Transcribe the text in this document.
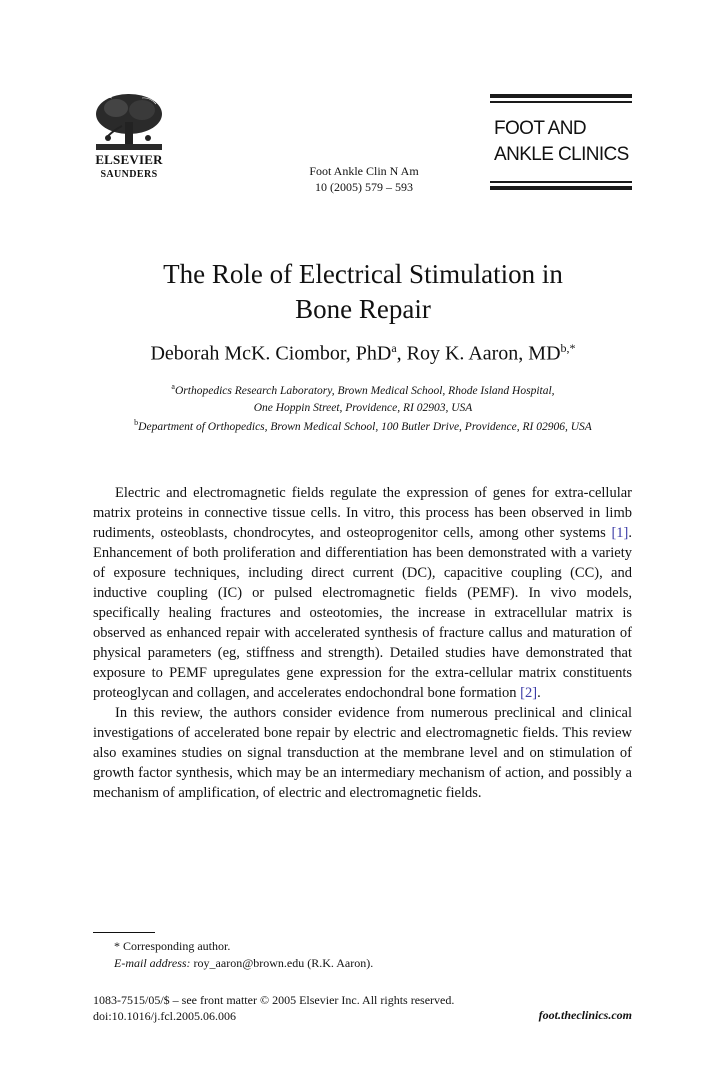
ELSEVIER
SAUNDERS	Foot Ankle Clin N Am
10 (2005) 579 – 593
FOOT AND
ANKLE CLINICS
The Role of Electrical Stimulation in
Bone Repair
Deborah McK. Ciombor, PhD$^a$, Roy K. Aaron, $MD^{b,*}$
$^a$Orthopedics Research Laboratory, Brown Medical School, Rhode Island Hospital,
One Hoppin Street, Providence, RI 02903, USA
$^b$Department of Orthopedics, Brown Medical School, 100 Butler Drive, Providence, RI 02906, USA

Electric and electromagnetic fields regulate the expression of genes for extra-cellular matrix proteins in connective tissue cells. In vitro, this process has been observed in limb rudiments, osteoblasts, chondrocytes, and osteoprogenitor cells, among other systems [1]. Enhancement of both proliferation and differentiation has been demonstrated with a variety of exposure techniques, including direct current (DC), capacitive coupling (CC), and inductive coupling (IC) or pulsed electromagnetic fields (PEMF). In vivo models, specifically healing fractures and osteotomies, the increase in extracellular matrix is observed as enhanced repair with accelerated synthesis of fracture callus and maturation of physical parameters (eg, stiffness and strength). Detailed studies have demonstrated that exposure to PEMF upregulates gene expression for the extra-cellular matrix constituents proteoglycan and collagen, and accelerates endochondral bone formation [2].

In this review, the authors consider evidence from numerous preclinical and clinical investigations of accelerated bone repair by electric and electromagnetic fields. This review also examines studies on signal transduction at the membrane level and on stimulation of growth factor synthesis, which may be an intermediary mechanism of action, and possibly a mechanism of amplification, of electric and electromagnetic fields.

* Corresponding author.
E-mail address: roy_aaron@brown.edu (R.K. Aaron).
1083-7515/05/$ – see front matter © 2005 Elsevier Inc. All rights reserved.
doi:10.1016/j.fcl.2005.06.006	foot.theclinics.com
